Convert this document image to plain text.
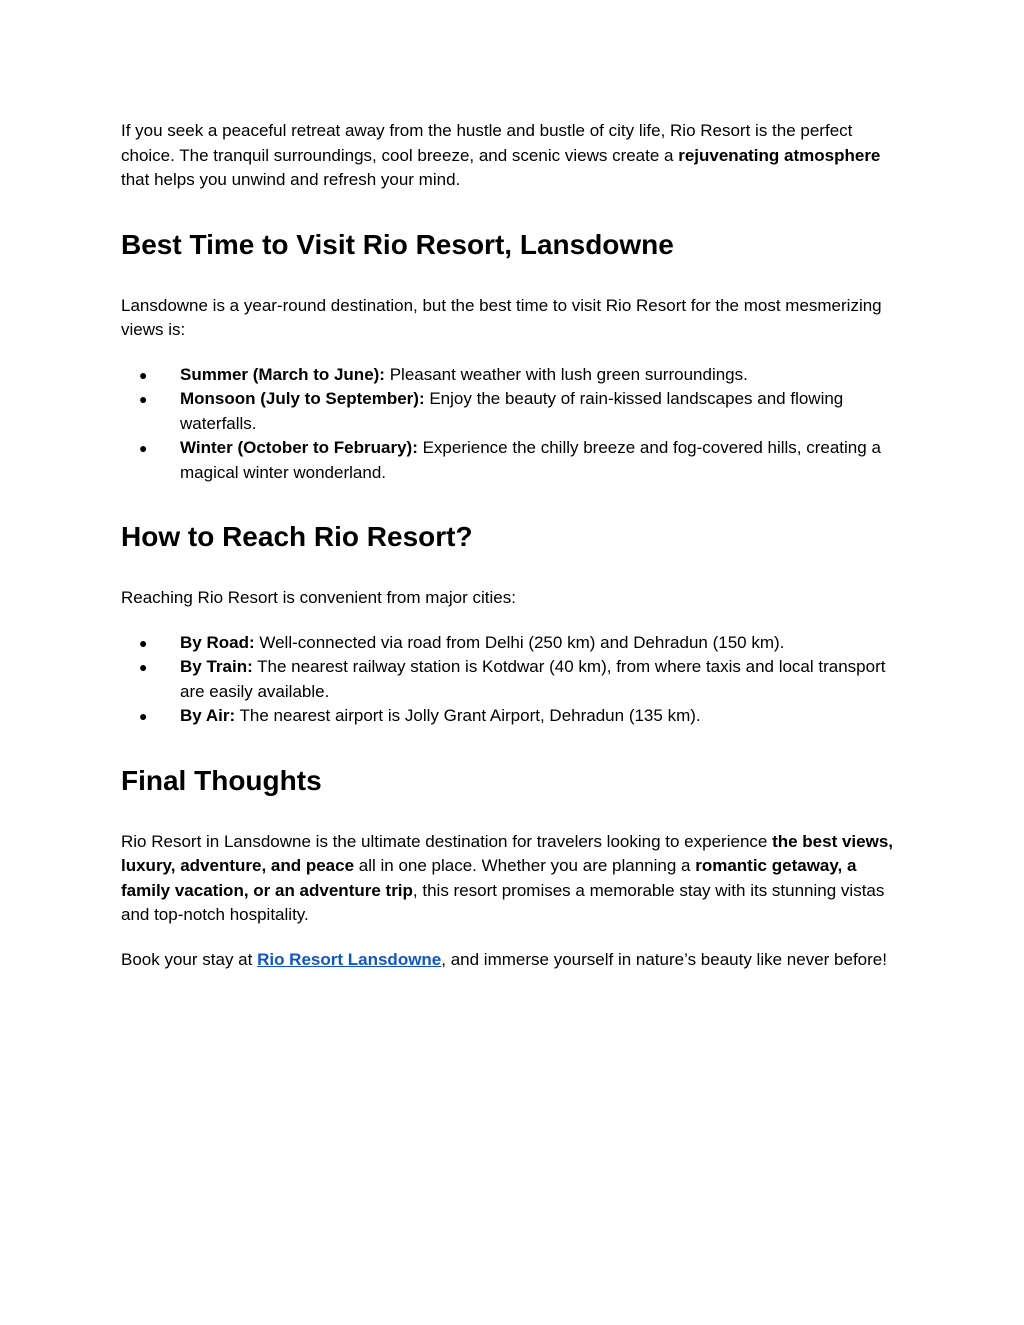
If you seek a peaceful retreat away from the hustle and bustle of city life, Rio Resort is the perfect choice. The tranquil surroundings, cool breeze, and scenic views create a rejuvenating atmosphere that helps you unwind and refresh your mind.

Best Time to Visit Rio Resort, Lansdowne

Lansdowne is a year-round destination, but the best time to visit Rio Resort for the most mesmerizing views is:

● Summer (March to June): Pleasant weather with lush green surroundings.
● Monsoon (July to September): Enjoy the beauty of rain-kissed landscapes and flowing waterfalls.
● Winter (October to February): Experience the chilly breeze and fog-covered hills, creating a magical winter wonderland.
How to Reach Rio Resort?

Reaching Rio Resort is convenient from major cities:

● By Road: Well-connected via road from Delhi (250 km) and Dehradun (150 km).
● By Train: The nearest railway station is Kotdwar (40 km), from where taxis and local transport are easily available.
● By Air: The nearest airport is Jolly Grant Airport, Dehradun (135 km).
Final Thoughts

Rio Resort in Lansdowne is the ultimate destination for travelers looking to experience the best views, luxury, adventure, and peace all in one place. Whether you are planning a romantic getaway, a family vacation, or an adventure trip, this resort promises a memorable stay with its stunning vistas and top-notch hospitality.

Book your stay at Rio Resort Lansdowne, and immerse yourself in nature’s beauty like never before!
